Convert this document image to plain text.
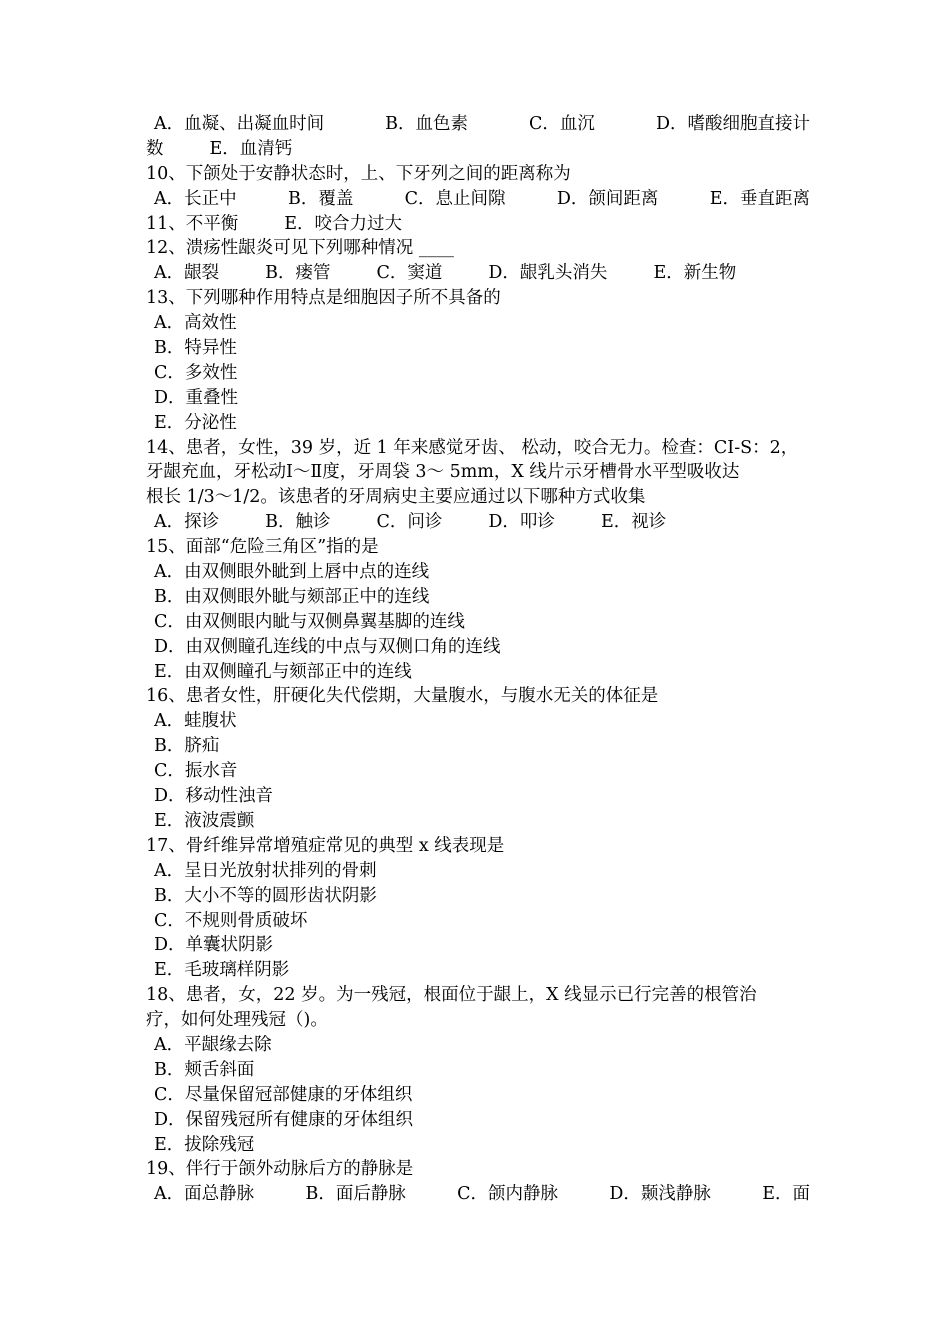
A．血凝、出凝血时间	B．血色素	C．血沉	D．嗜酸细胞直接计
数	E．血清钙
10、下颌处于安静状态时，上、下牙列之间的距离称为
A．长正中	B．覆盖	C．息止间隙	D．颌间距离	E．垂直距离
11、不平衡	E．咬合力过大
12、溃疡性龈炎可见下列哪种情况 ____
A．龈裂	B．瘘管	C．窦道	D．龈乳头消失	E．新生物
13、下列哪种作用特点是细胞因子所不具备的
A．高效性
B．特异性
C．多效性
D．重叠性
E．分泌性
14、患者，女性，39 岁，近 1 年来感觉牙齿、 松动，咬合无力。检查：CI-S：2，
牙龈充血，牙松动Ⅰ～Ⅱ度，牙周袋 3～ 5mm，X 线片示牙槽骨水平型吸收达
根长 1/3～1/2。该患者的牙周病史主要应通过以下哪种方式收集
A．探诊	B．触诊	C．问诊	D．叩诊	E．视诊
15、面部“危险三角区”指的是
A．由双侧眼外眦到上唇中点的连线
B．由双侧眼外眦与颏部正中的连线
C．由双侧眼内眦与双侧鼻翼基脚的连线
D．由双侧瞳孔连线的中点与双侧口角的连线
E．由双侧瞳孔与颏部正中的连线
16、患者女性，肝硬化失代偿期，大量腹水，与腹水无关的体征是
A．蛙腹状
B．脐疝
C．振水音
D．移动性浊音
E．液波震颤
17、骨纤维异常增殖症常见的典型 x 线表现是
A．呈日光放射状排列的骨刺
B．大小不等的圆形齿状阴影
C．不规则骨质破坏
D．单囊状阴影
E．毛玻璃样阴影
18、患者，女，22 岁。为一残冠，根面位于龈上，X 线显示已行完善的根管治
疗，如何处理残冠（)。
A．平龈缘去除
B．颊舌斜面
C．尽量保留冠部健康的牙体组织
D．保留残冠所有健康的牙体组织
E．拔除残冠
19、伴行于颌外动脉后方的静脉是
A．面总静脉	B．面后静脉	C．颌内静脉	D．颞浅静脉	E．面
